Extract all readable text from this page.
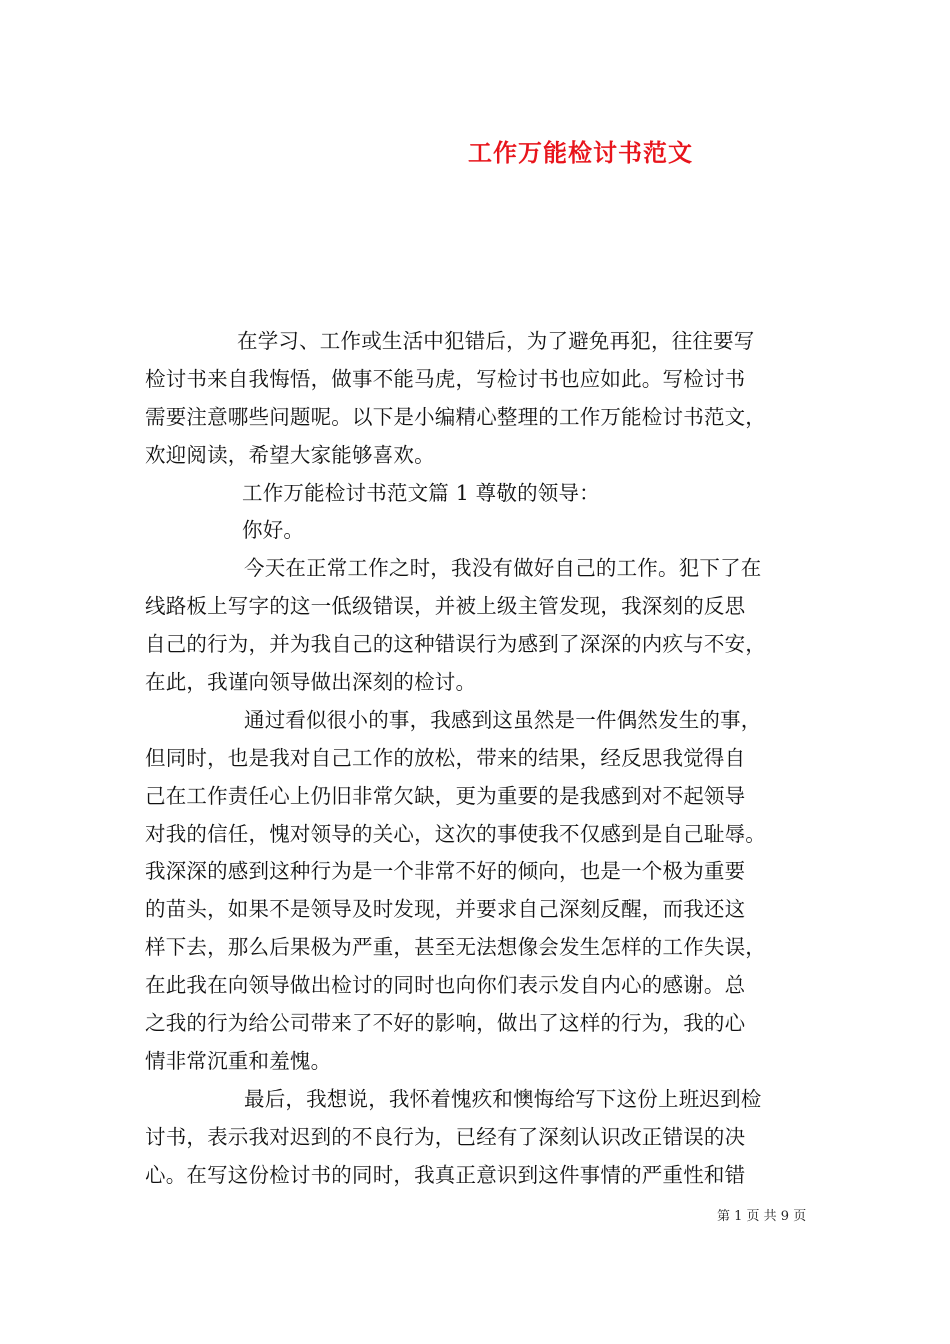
工作万能检讨书范文
在学习、工作或生活中犯错后，为了避免再犯，往往要写
检讨书来自我悔悟，做事不能马虎，写检讨书也应如此。写检讨书
需要注意哪些问题呢。以下是小编精心整理的工作万能检讨书范文，
欢迎阅读，希望大家能够喜欢。
工作万能检讨书范文篇 1 尊敬的领导：
你好。
今天在正常工作之时，我没有做好自己的工作。犯下了在
线路板上写字的这一低级错误，并被上级主管发现，我深刻的反思
自己的行为，并为我自己的这种错误行为感到了深深的内疚与不安，
在此，我谨向领导做出深刻的检讨。
通过看似很小的事，我感到这虽然是一件偶然发生的事，
但同时，也是我对自己工作的放松，带来的结果，经反思我觉得自
己在工作责任心上仍旧非常欠缺，更为重要的是我感到对不起领导
对我的信任，愧对领导的关心，这次的事使我不仅感到是自己耻辱。
我深深的感到这种行为是一个非常不好的倾向，也是一个极为重要
的苗头，如果不是领导及时发现，并要求自己深刻反醒，而我还这
样下去，那么后果极为严重，甚至无法想像会发生怎样的工作失误，
在此我在向领导做出检讨的同时也向你们表示发自内心的感谢。总
之我的行为给公司带来了不好的影响，做出了这样的行为，我的心
情非常沉重和羞愧。
最后，我想说，我怀着愧疚和懊悔给写下这份上班迟到检
讨书，表示我对迟到的不良行为，已经有了深刻认识改正错误的决
心。在写这份检讨书的同时，我真正意识到这件事情的严重性和错
第 1 页 共 9 页
